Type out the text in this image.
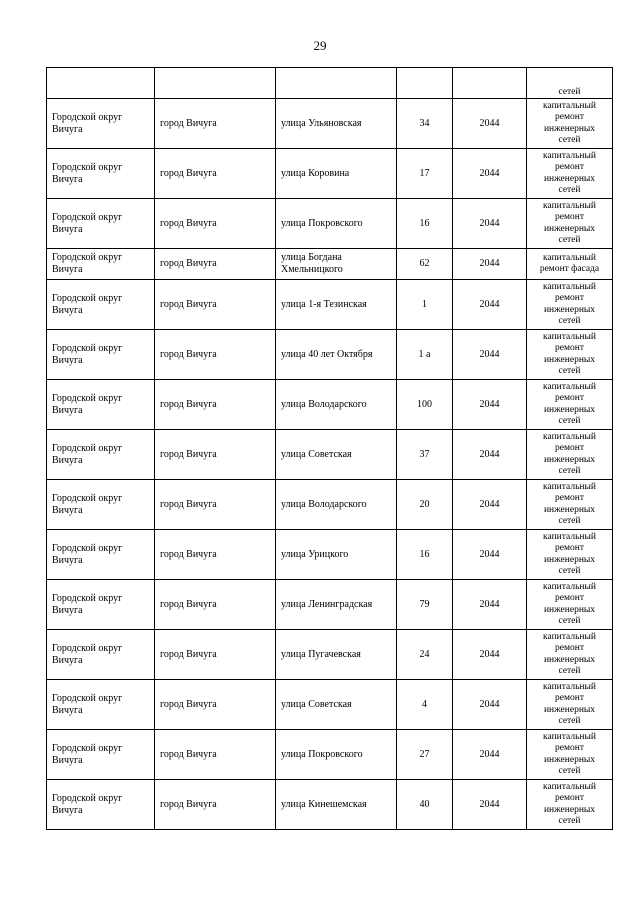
29
					сетей
Городской округ Вичуга	город Вичуга	улица Ульяновская	34	2044	капитальный ремонт инженерных сетей
Городской округ Вичуга	город Вичуга	улица Коровина	17	2044	капитальный ремонт инженерных сетей
Городской округ Вичуга	город Вичуга	улица Покровского	16	2044	капитальный ремонт инженерных сетей
Городской округ Вичуга	город Вичуга	улица Богдана Хмельницкого	62	2044	капитальный ремонт фасада
Городской округ Вичуга	город Вичуга	улица 1-я Тезинская	1	2044	капитальный ремонт инженерных сетей
Городской округ Вичуга	город Вичуга	улица 40 лет Октября	1 а	2044	капитальный ремонт инженерных сетей
Городской округ Вичуга	город Вичуга	улица Володарского	100	2044	капитальный ремонт инженерных сетей
Городской округ Вичуга	город Вичуга	улица Советская	37	2044	капитальный ремонт инженерных сетей
Городской округ Вичуга	город Вичуга	улица Володарского	20	2044	капитальный ремонт инженерных сетей
Городской округ Вичуга	город Вичуга	улица Урицкого	16	2044	капитальный ремонт инженерных сетей
Городской округ Вичуга	город Вичуга	улица Ленинградская	79	2044	капитальный ремонт инженерных сетей
Городской округ Вичуга	город Вичуга	улица Пугачевская	24	2044	капитальный ремонт инженерных сетей
Городской округ Вичуга	город Вичуга	улица Советская	4	2044	капитальный ремонт инженерных сетей
Городской округ Вичуга	город Вичуга	улица Покровского	27	2044	капитальный ремонт инженерных сетей
Городской округ Вичуга	город Вичуга	улица Кинешемская	40	2044	капитальный ремонт инженерных сетей
